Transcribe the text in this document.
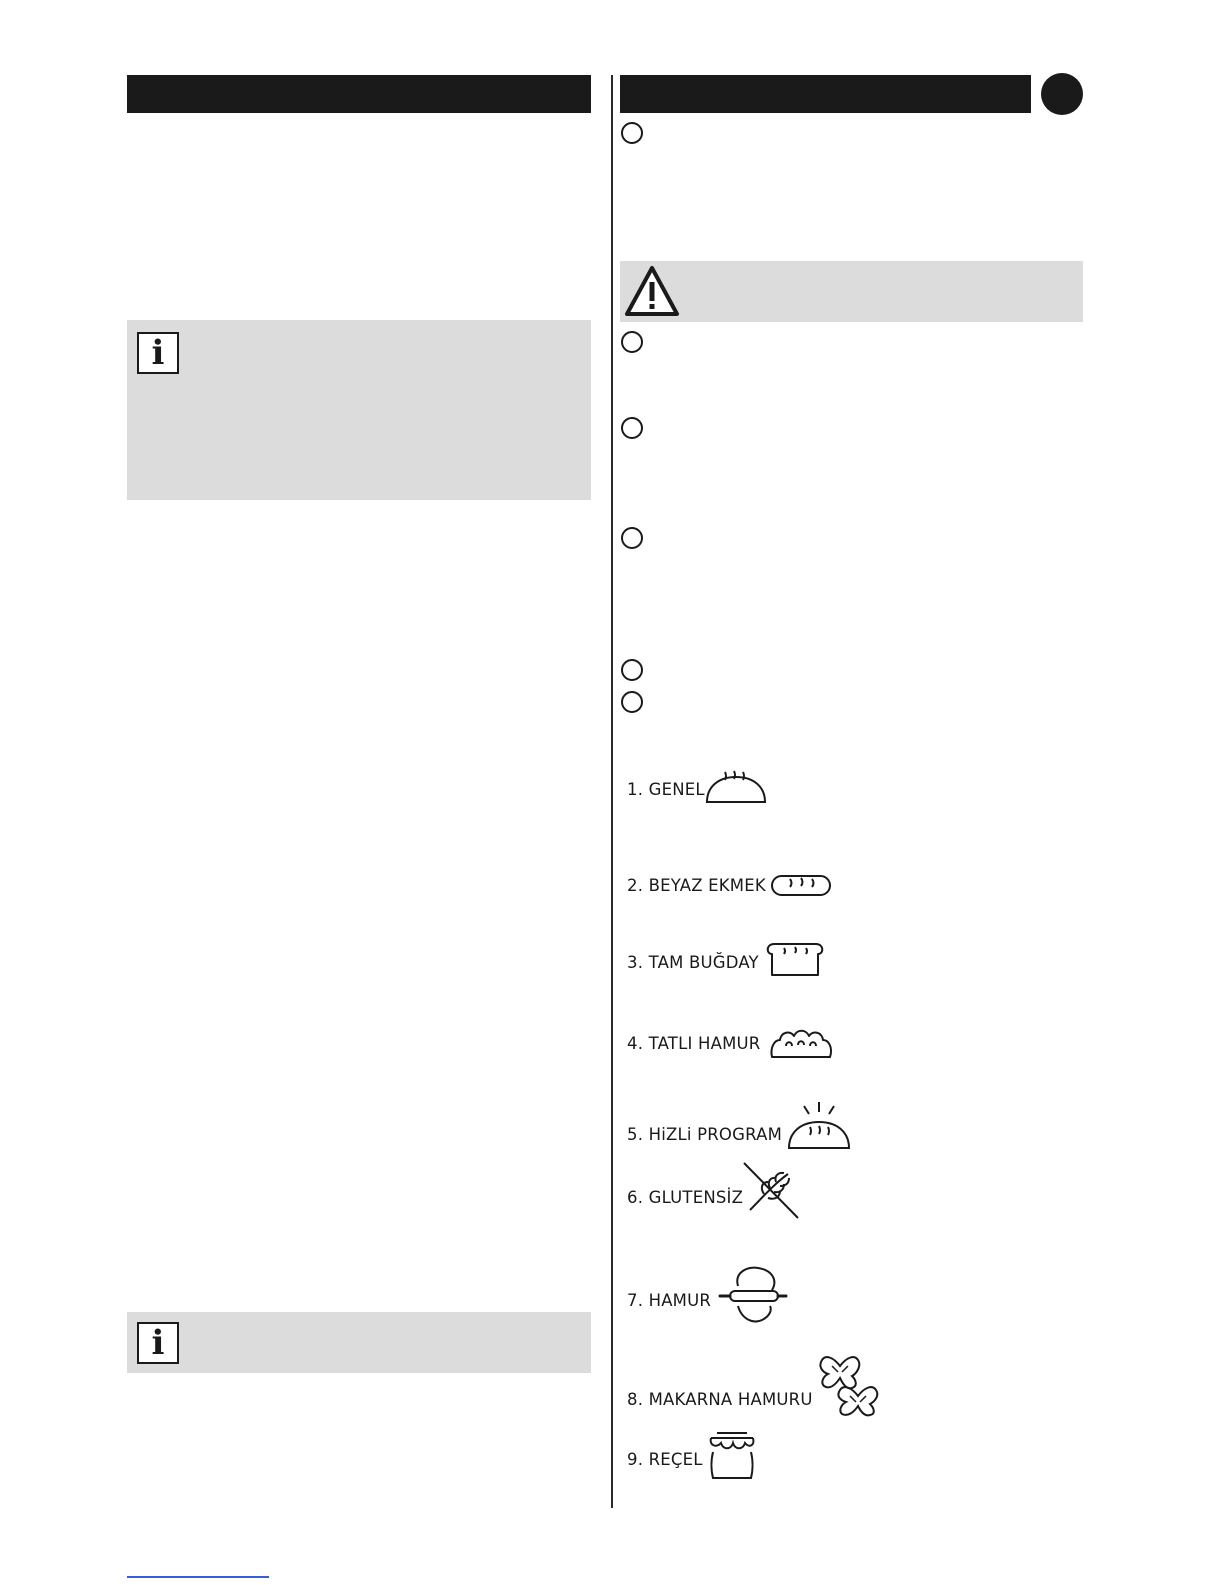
i
i
1. GENEL
2. BEYAZ EKMEK
3. TAM BUĞDAY
4. TATLI HAMUR
5. HiZLi PROGRAM
6. GLUTENSİZ
7. HAMUR
8. MAKARNA HAMURU
9. REÇEL
